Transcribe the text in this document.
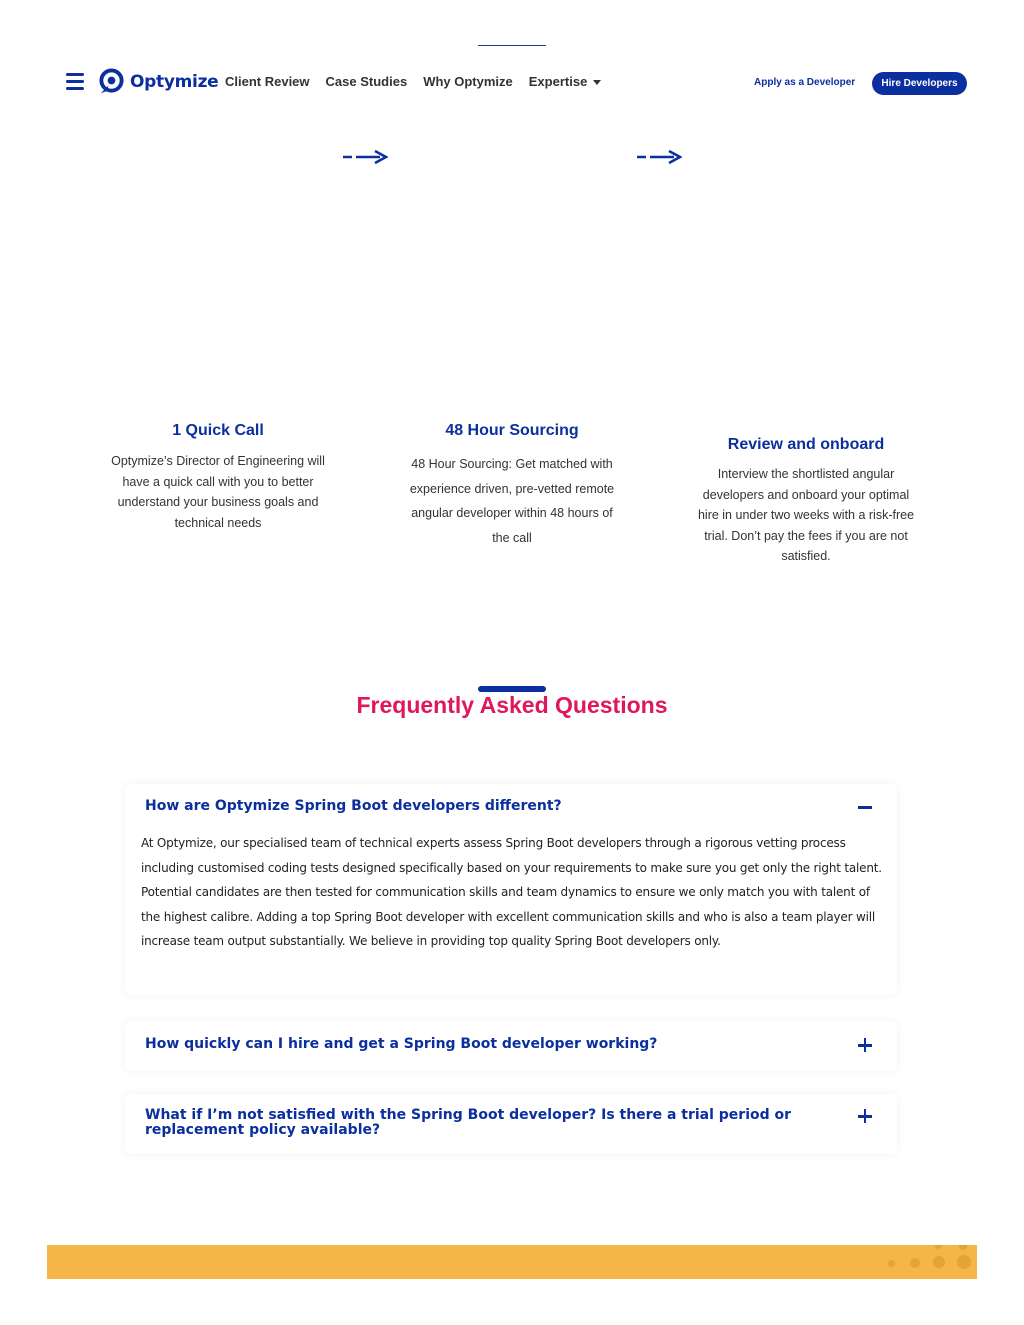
Optymize Client Review Case Studies Why Optymize Expertise	Apply as a Developer	Hire Developers
1 Quick Call

Optymize’s Director of Engineering will have a quick call with you to better understand your business goals and technical needs

48 Hour Sourcing

48 Hour Sourcing: Get matched with experience driven, pre-vetted remote angular developer within 48 hours of the call

Review and onboard

Interview the shortlisted angular developers and onboard your optimal hire in under two weeks with a risk-free trial. Don’t pay the fees if you are not satisfied.

Frequently Asked Questions
How are Optymize Spring Boot developers different?
At Optymize, our specialised team of technical experts assess Spring Boot developers through a rigorous vetting process including customised coding tests designed specifically based on your requirements to make sure you get only the right talent. Potential candidates are then tested for communication skills and team dynamics to ensure we only match you with talent of the highest calibre. Adding a top Spring Boot developer with excellent communication skills and who is also a team player will increase team output substantially. We believe in providing top quality Spring Boot developers only.
How quickly can I hire and get a Spring Boot developer working?
What if I’m not satisfied with the Spring Boot developer? Is there a trial period or replacement policy available?
